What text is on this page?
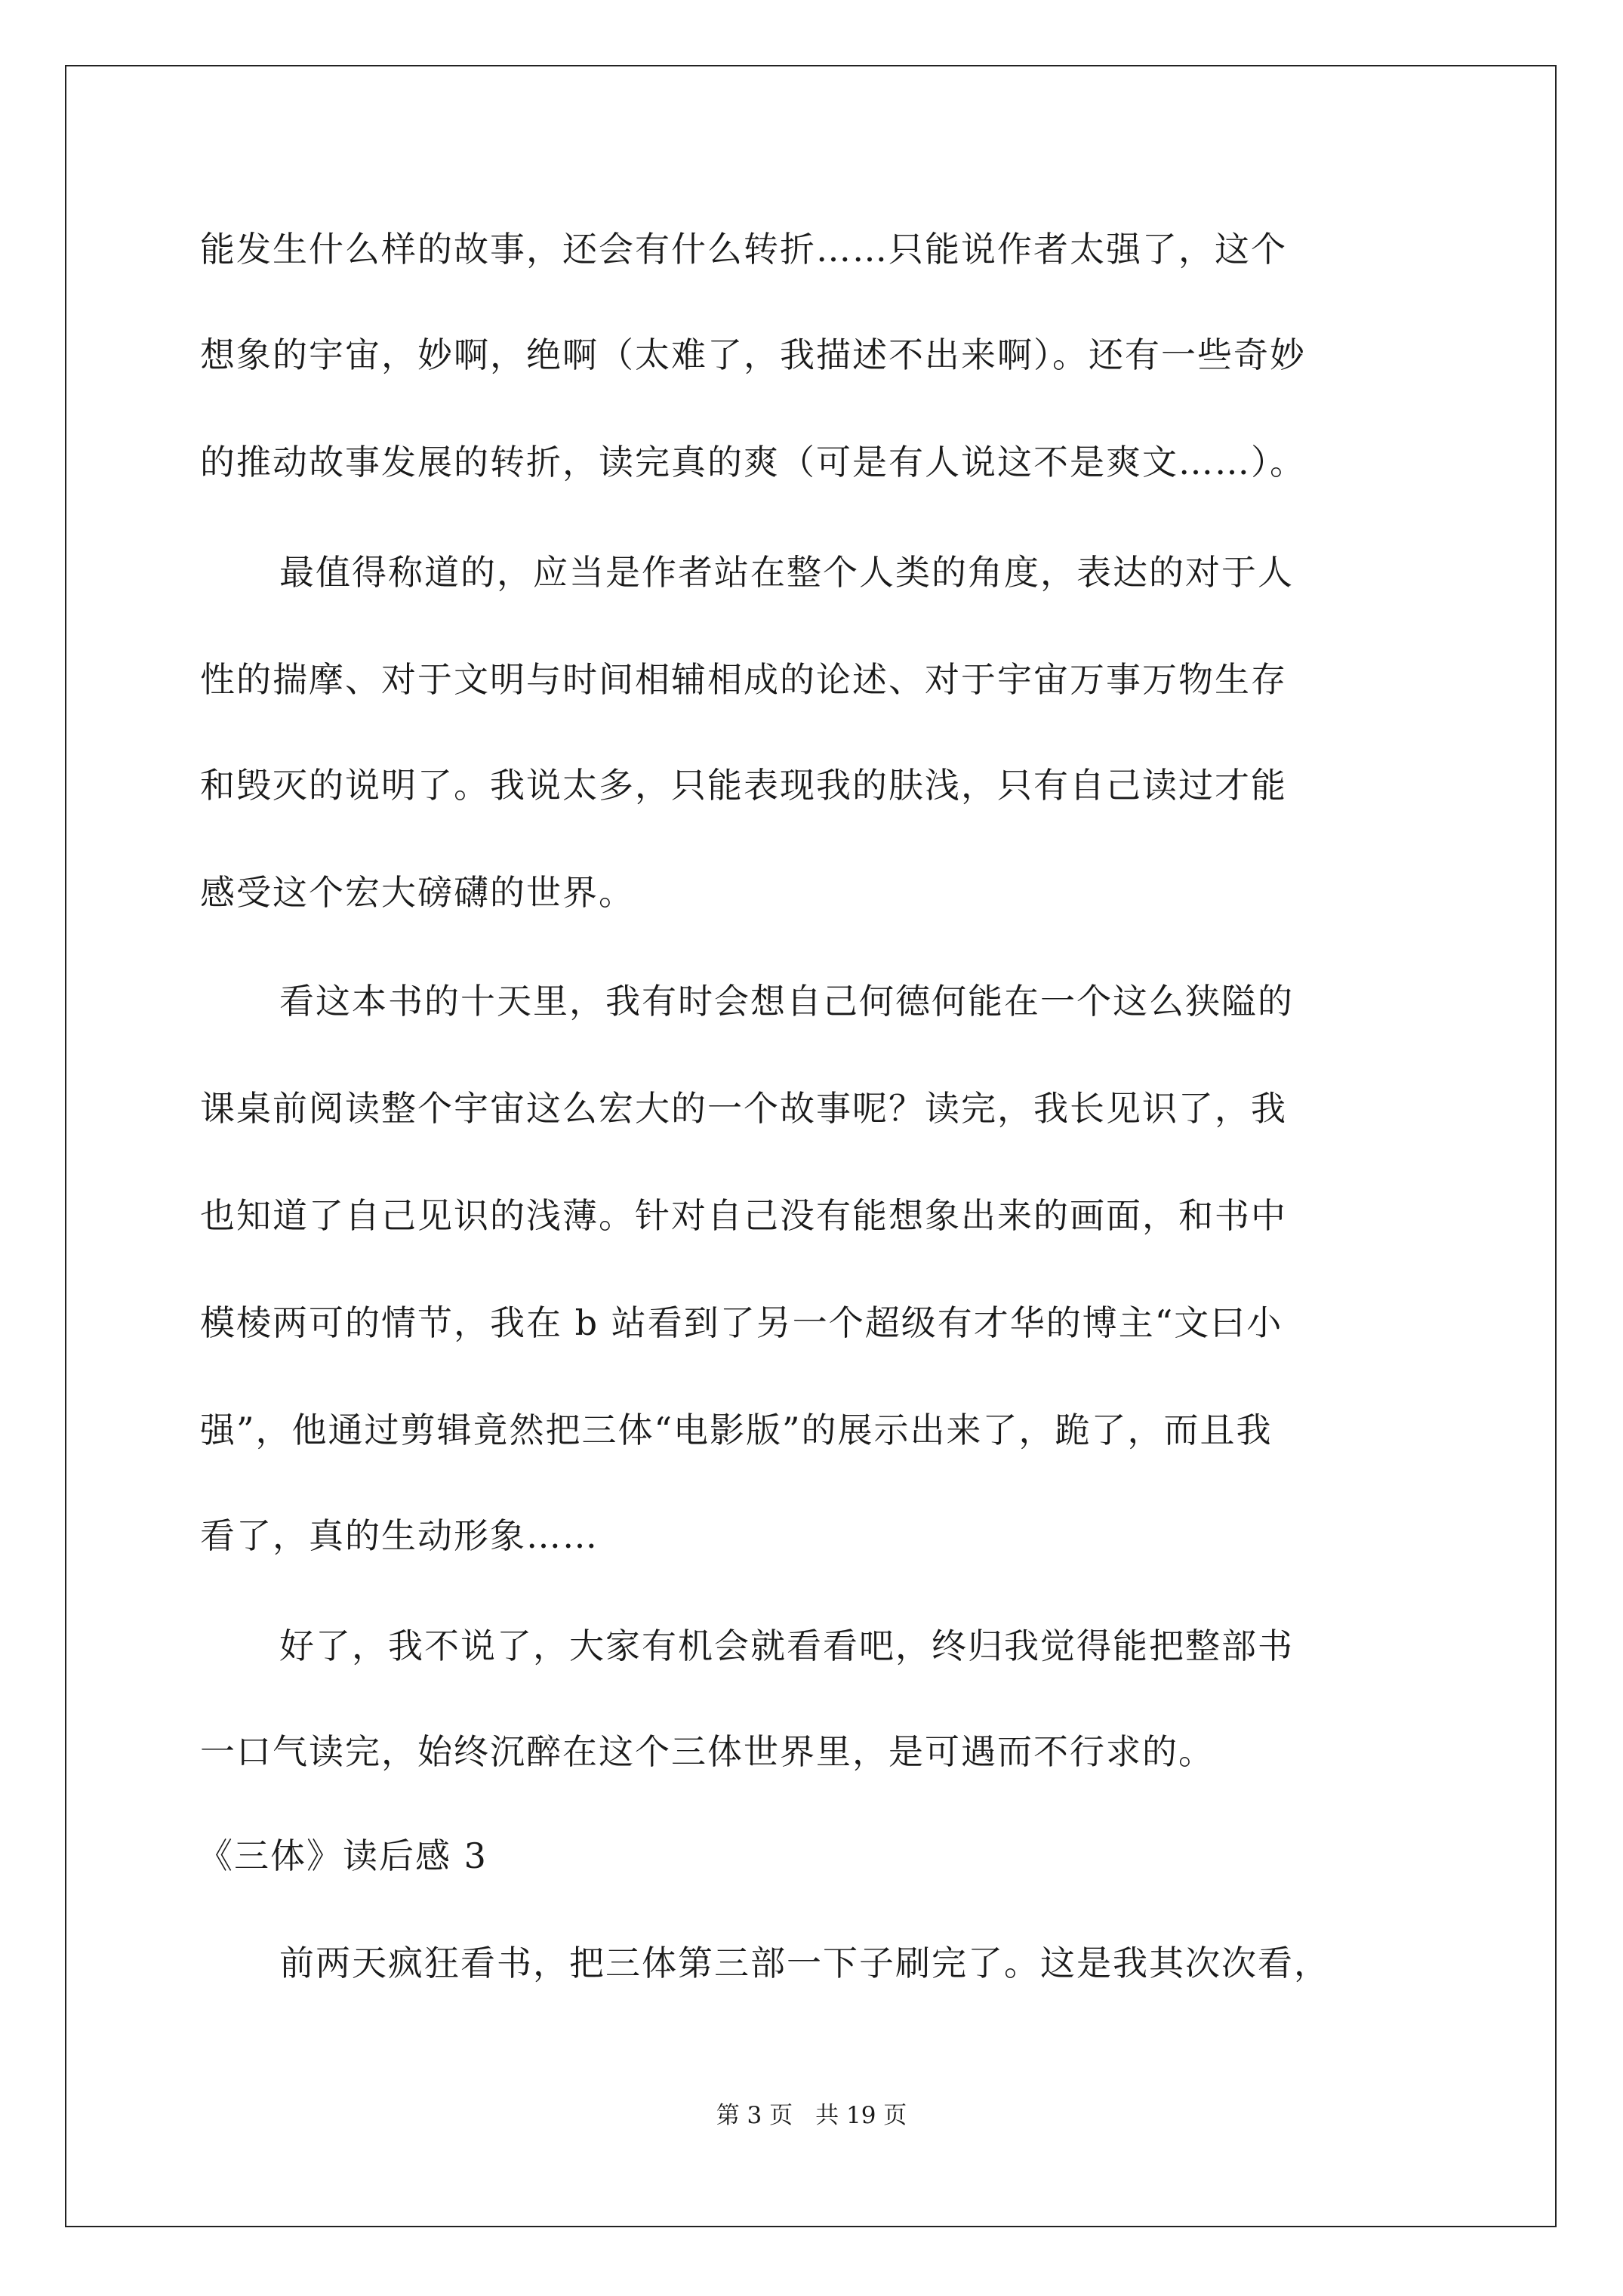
能发生什么样的故事，还会有什么转折……只能说作者太强了，这个
想象的宇宙，妙啊，绝啊（太难了，我描述不出来啊）。还有一些奇妙
的推动故事发展的转折，读完真的爽（可是有人说这不是爽文……）。
最值得称道的，应当是作者站在整个人类的角度，表达的对于人
性的揣摩、对于文明与时间相辅相成的论述、对于宇宙万事万物生存
和毁灭的说明了。我说太多，只能表现我的肤浅，只有自己读过才能
感受这个宏大磅礴的世界。
看这本书的十天里，我有时会想自己何德何能在一个这么狭隘的
课桌前阅读整个宇宙这么宏大的一个故事呢？读完，我长见识了，我
也知道了自己见识的浅薄。针对自己没有能想象出来的画面，和书中
模棱两可的情节，我在 b 站看到了另一个超级有才华的博主“文曰小
强”，他通过剪辑竟然把三体“电影版”的展示出来了，跪了，而且我
看了，真的生动形象……
好了，我不说了，大家有机会就看看吧，终归我觉得能把整部书
一口气读完，始终沉醉在这个三体世界里，是可遇而不行求的。
《三体》读后感 3
前两天疯狂看书，把三体第三部一下子刷完了。这是我其次次看，
第 3 页 共 19 页
